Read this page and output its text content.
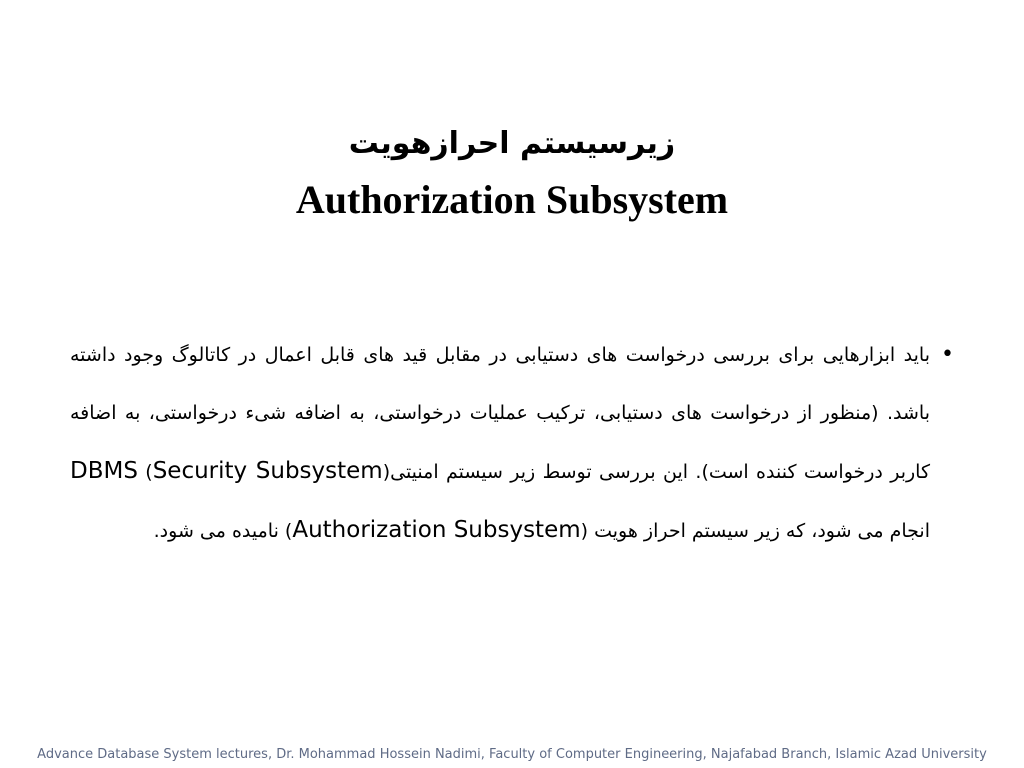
زیرسیستم احرازهویت

Authorization Subsystem

•

باید ابزارهایی برای بررسی درخواست های دستیابی در مقابل قید های قابل اعمال در کاتالوگ وجود داشته باشد. (منظور از درخواست های دستیابی، ترکیب عملیات درخواستی، به اضافه شیء درخواستی، به اضافه کاربر درخواست کننده است). این بررسی توسط زیر سیستم امنیتی(Security Subsystem) DBMS انجام می شود، که زیر سیستم احراز هویت (Authorization Subsystem) نامیده می شود.

Advance Database System lectures, Dr. Mohammad Hossein Nadimi, Faculty of Computer Engineering, Najafabad Branch, Islamic Azad University
